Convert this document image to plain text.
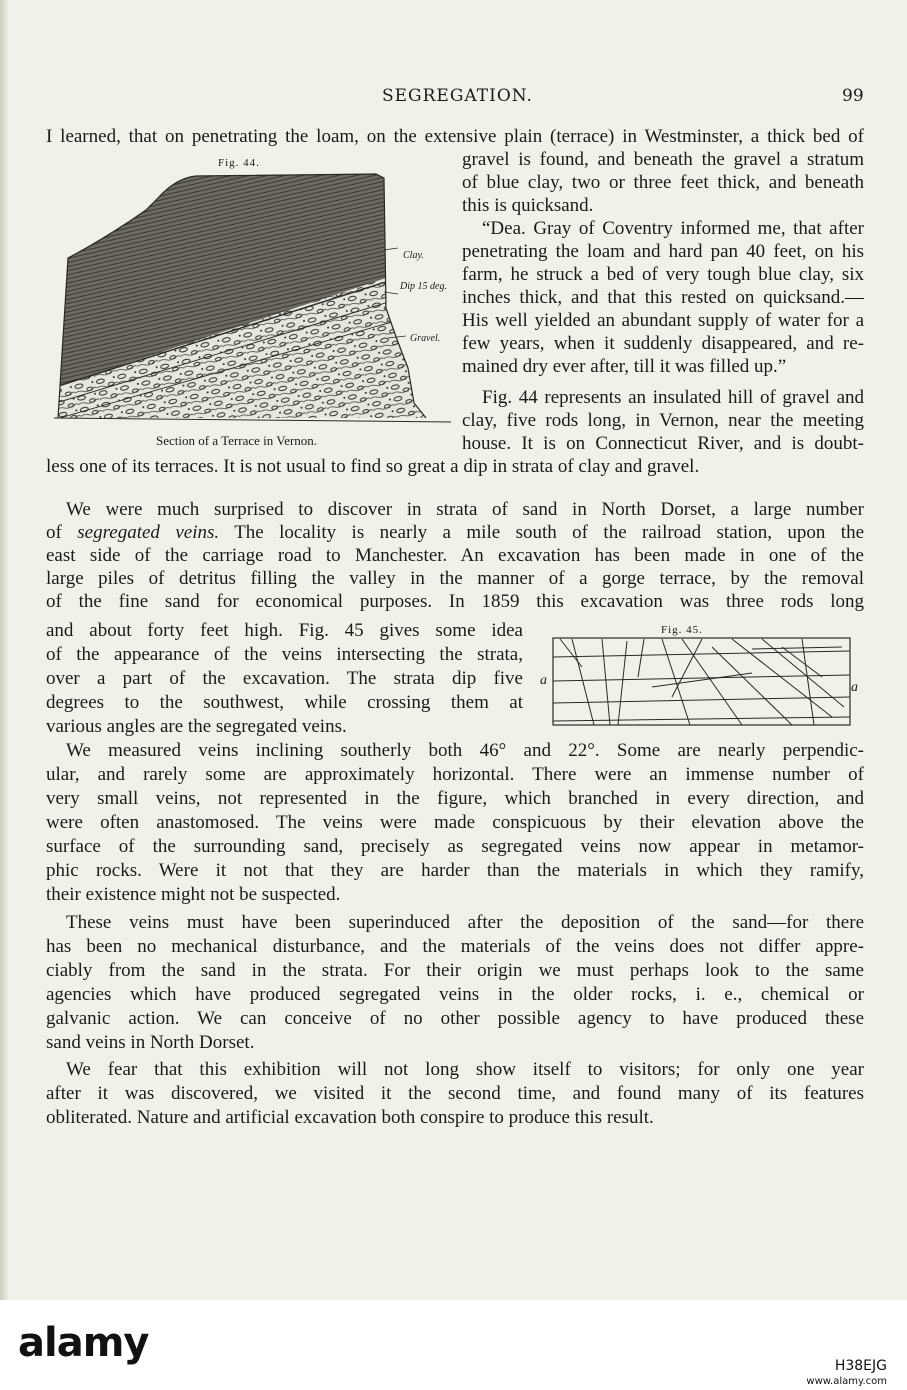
SEGREGATION.	99
Fig. 44.
Clay.
Dip 15 deg.
Gravel.
Section of a Terrace in Vernon.
I learned, that on penetrating the loam, on the extensive plain (terrace) in Westminster, a thick bed of
gravel is found, and beneath the gravel a stratum
of blue clay, two or three feet thick, and beneath
this is quicksand.
“Dea. Gray of Coventry informed me, that after
penetrating the loam and hard pan 40 feet, on his
farm, he struck a bed of very tough blue clay, six
inches thick, and that this rested on quicksand.—
His well yielded an abundant supply of water for a
few years, when it suddenly disappeared, and re-
mained dry ever after, till it was filled up.”
Fig. 44 represents an insulated hill of gravel and
clay, five rods long, in Vernon, near the meeting
house. It is on Connecticut River, and is doubt-
less one of its terraces. It is not usual to find so great a dip in strata of clay and gravel.
We were much surprised to discover in strata of sand in North Dorset, a large number
of segregated veins. The locality is nearly a mile south of the railroad station, upon the
east side of the carriage road to Manchester. An excavation has been made in one of the
large piles of detritus filling the valley in the manner of a gorge terrace, by the removal
of the fine sand for economical purposes. In 1859 this excavation was three rods long
and about forty feet high. Fig. 45 gives some idea
of the appearance of the veins intersecting the strata,
over a part of the excavation. The strata dip five
degrees to the southwest, while crossing them at
various angles are the segregated veins.
Fig. 45.
a	a
We measured veins inclining southerly both 46° and 22°. Some are nearly perpendic-
ular, and rarely some are approximately horizontal. There were an immense number of
very small veins, not represented in the figure, which branched in every direction, and
were often anastomosed. The veins were made conspicuous by their elevation above the
surface of the surrounding sand, precisely as segregated veins now appear in metamor-
phic rocks. Were it not that they are harder than the materials in which they ramify,
their existence might not be suspected.
These veins must have been superinduced after the deposition of the sand—for there
has been no mechanical disturbance, and the materials of the veins does not differ appre-
ciably from the sand in the strata. For their origin we must perhaps look to the same
agencies which have produced segregated veins in the older rocks, i. e., chemical or
galvanic action. We can conceive of no other possible agency to have produced these
sand veins in North Dorset.
We fear that this exhibition will not long show itself to visitors; for only one year
after it was discovered, we visited it the second time, and found many of its features
obliterated. Nature and artificial excavation both conspire to produce this result.
alamy	H38EJG
www.alamy.com
